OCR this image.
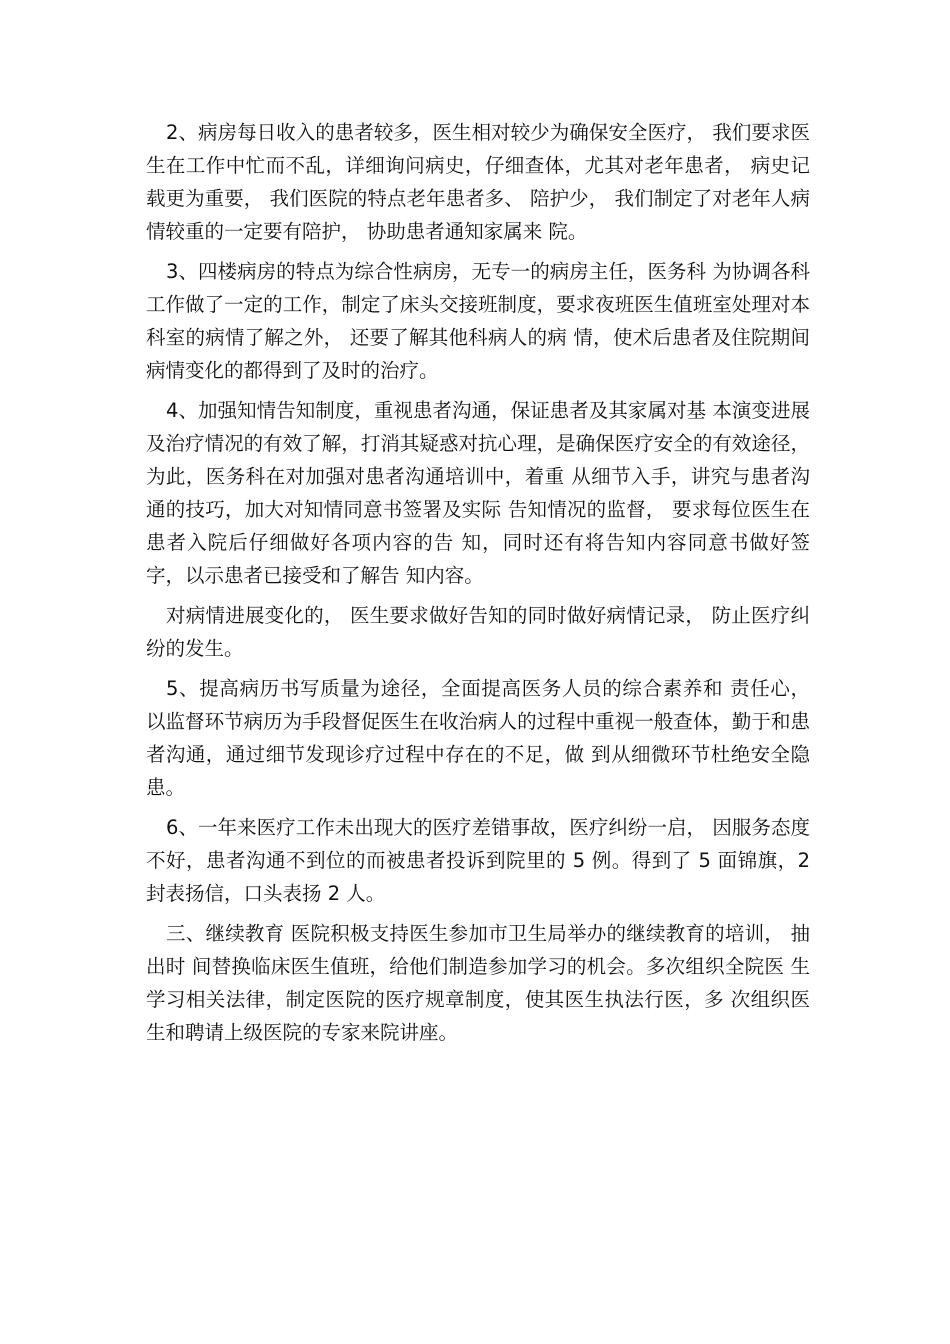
2、病房每日收入的患者较多，医生相对较少为确保安全医疗， 我们要求医生在工作中忙而不乱，详细询问病史，仔细查体，尤其对老年患者， 病史记载更为重要， 我们医院的特点老年患者多、 陪护少， 我们制定了对老年人病情较重的一定要有陪护， 协助患者通知家属来 院。

3、四楼病房的特点为综合性病房，无专一的病房主任，医务科 为协调各科工作做了一定的工作，制定了床头交接班制度，要求夜班医生值班室处理对本科室的病情了解之外， 还要了解其他科病人的病 情，使术后患者及住院期间病情变化的都得到了及时的治疗。

4、加强知情告知制度，重视患者沟通，保证患者及其家属对基 本演变进展及治疗情况的有效了解，打消其疑惑对抗心理，是确保医疗安全的有效途径，为此，医务科在对加强对患者沟通培训中，着重 从细节入手，讲究与患者沟通的技巧，加大对知情同意书签署及实际 告知情况的监督， 要求每位医生在患者入院后仔细做好各项内容的告 知，同时还有将告知内容同意书做好签字，以示患者已接受和了解告 知内容。

对病情进展变化的， 医生要求做好告知的同时做好病情记录， 防止医疗纠纷的发生。

5、提高病历书写质量为途径，全面提高医务人员的综合素养和 责任心， 以监督环节病历为手段督促医生在收治病人的过程中重视一般查体，勤于和患者沟通，通过细节发现诊疗过程中存在的不足，做 到从细微环节杜绝安全隐患。

6、一年来医疗工作未出现大的医疗差错事故，医疗纠纷一启， 因服务态度不好，患者沟通不到位的而被患者投诉到院里的 5 例。得到了 5 面锦旗，2 封表扬信，口头表扬 2 人。

三、继续教育 医院积极支持医生参加市卫生局举办的继续教育的培训， 抽出时 间替换临床医生值班，给他们制造参加学习的机会。多次组织全院医 生学习相关法律，制定医院的医疗规章制度，使其医生执法行医，多 次组织医生和聘请上级医院的专家来院讲座。
